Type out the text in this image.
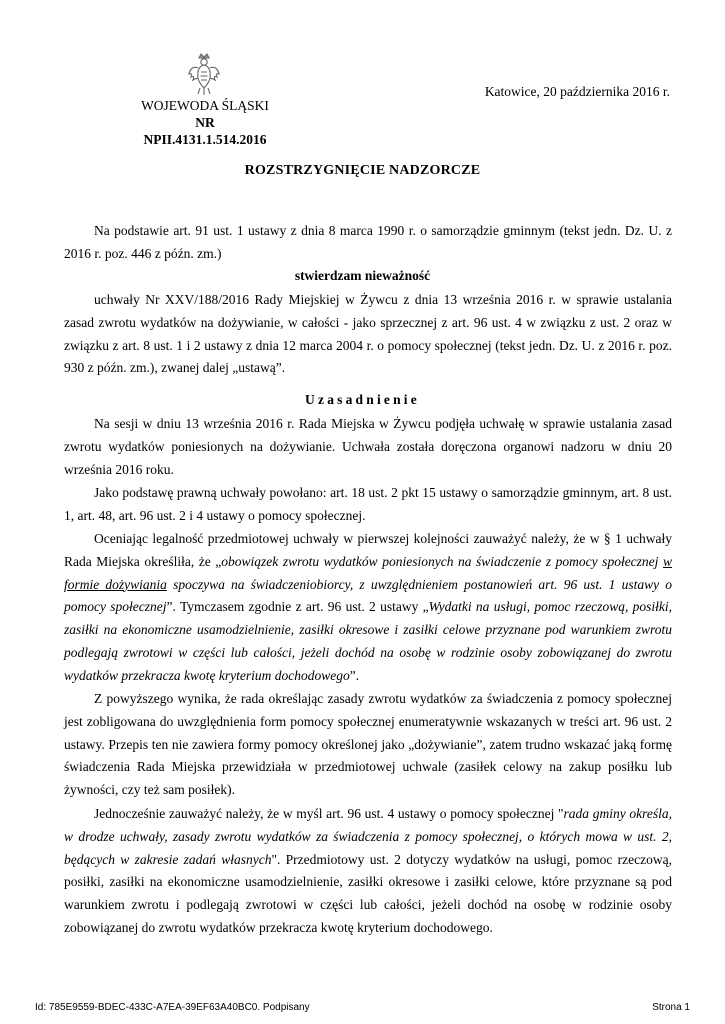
WOJEWODA ŚLĄSKI
NR NPII.4131.1.514.2016
Katowice, 20 października 2016 r.
ROZSTRZYGNIĘCIE NADZORCZE
Na podstawie art. 91 ust. 1 ustawy z dnia 8 marca 1990 r. o samorządzie gminnym (tekst jedn. Dz. U. z 2016 r. poz. 446 z późn. zm.)
stwierdzam nieważność
uchwały Nr XXV/188/2016 Rady Miejskiej w Żywcu z dnia 13 września 2016 r. w sprawie ustalania zasad zwrotu wydatków na dożywianie, w całości - jako sprzecznej z art. 96 ust. 4 w związku z ust. 2 oraz w związku z art. 8 ust. 1 i 2 ustawy z dnia 12 marca 2004 r. o pomocy społecznej (tekst jedn. Dz. U. z 2016 r. poz. 930 z późn. zm.), zwanej dalej „ustawą”.
Uzasadnienie
Na sesji w dniu 13 września 2016 r. Rada Miejska w Żywcu podjęła uchwałę w sprawie ustalania zasad zwrotu wydatków poniesionych na dożywianie. Uchwała została doręczona organowi nadzoru w dniu 20 września 2016 roku.
Jako podstawę prawną uchwały powołano: art. 18 ust. 2 pkt 15 ustawy o samorządzie gminnym, art. 8 ust. 1, art. 48, art. 96 ust. 2 i 4 ustawy o pomocy społecznej.
Oceniając legalność przedmiotowej uchwały w pierwszej kolejności zauważyć należy, że w § 1 uchwały Rada Miejska określiła, że „obowiązek zwrotu wydatków poniesionych na świadczenie z pomocy społecznej w formie dożywiania spoczywa na świadczeniobiorcy, z uwzględnieniem postanowień art. 96 ust. 1 ustawy o pomocy społecznej”. Tymczasem zgodnie z art. 96 ust. 2 ustawy „Wydatki na usługi, pomoc rzeczową, posiłki, zasiłki na ekonomiczne usamodzielnienie, zasiłki okresowe i zasiłki celowe przyznane pod warunkiem zwrotu podlegają zwrotowi w części lub całości, jeżeli dochód na osobę w rodzinie osoby zobowiązanej do zwrotu wydatków przekracza kwotę kryterium dochodowego”.
Z powyższego wynika, że rada określając zasady zwrotu wydatków za świadczenia z pomocy społecznej jest zobligowana do uwzględnienia form pomocy społecznej enumeratywnie wskazanych w treści art. 96 ust. 2 ustawy. Przepis ten nie zawiera formy pomocy określonej jako „dożywianie”, zatem trudno wskazać jaką formę świadczenia Rada Miejska przewidziała w przedmiotowej uchwale (zasiłek celowy na zakup posiłku lub żywności, czy też sam posiłek).
Jednocześnie zauważyć należy, że w myśl art. 96 ust. 4 ustawy o pomocy społecznej "rada gminy określa, w drodze uchwały, zasady zwrotu wydatków za świadczenia z pomocy społecznej, o których mowa w ust. 2, będących w zakresie zadań własnych". Przedmiotowy ust. 2 dotyczy wydatków na usługi, pomoc rzeczową, posiłki, zasiłki na ekonomiczne usamodzielnienie, zasiłki okresowe i zasiłki celowe, które przyznane są pod warunkiem zwrotu i podlegają zwrotowi w części lub całości, jeżeli dochód na osobę w rodzinie osoby zobowiązanej do zwrotu wydatków przekracza kwotę kryterium dochodowego.
Id: 785E9559-BDEC-433C-A7EA-39EF63A40BC0. Podpisany	Strona 1
